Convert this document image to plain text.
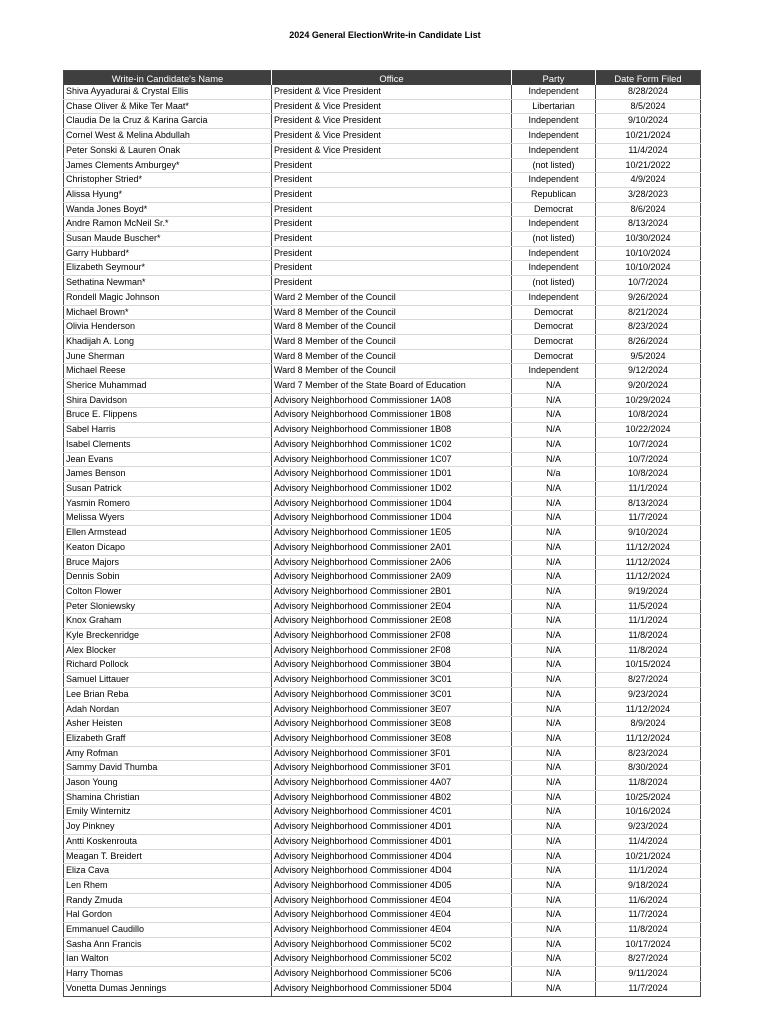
2024 General ElectionWrite-in Candidate List
Write-in Candidate's Name	Office	Party	Date Form Filed
Shiva Ayyadurai & Crystal Ellis	President & Vice President	Independent	8/28/2024
Chase Oliver & Mike Ter Maat*	President & Vice President	Libertarian	8/5/2024
Claudia De la Cruz & Karina Garcia	President & Vice President	Independent	9/10/2024
Cornel West & Melina Abdullah	President & Vice President	Independent	10/21/2024
Peter Sonski & Lauren Onak	President & Vice President	Independent	11/4/2024
James Clements Amburgey*	President	(not listed)	10/21/2022
Christopher Stried*	President	Independent	4/9/2024
Alissa Hyung*	President	Republican	3/28/2023
Wanda Jones Boyd*	President	Democrat	8/6/2024
Andre Ramon McNeil Sr.*	President	Independent	8/13/2024
Susan Maude Buscher*	President	(not listed)	10/30/2024
Garry Hubbard*	President	Independent	10/10/2024
Elizabeth Seymour*	President	Independent	10/10/2024
Sethatina Newman*	President	(not listed)	10/7/2024
Rondell Magic Johnson	Ward 2 Member of the Council	Independent	9/26/2024
Michael Brown*	Ward 8 Member of the Council	Democrat	8/21/2024
Olivia Henderson	Ward 8 Member of the Council	Democrat	8/23/2024
Khadijah A. Long	Ward 8 Member of the Council	Democrat	8/26/2024
June Sherman	Ward 8 Member of the Council	Democrat	9/5/2024
Michael Reese	Ward 8 Member of the Council	Independent	9/12/2024
Sherice Muhammad	Ward 7 Member of the State Board of Education	N/A	9/20/2024
Shira Davidson	Advisory Neighborhood Commissioner 1A08	N/A	10/29/2024
Bruce E. Flippens	Advisory Neighborhood Commissioner 1B08	N/A	10/8/2024
Sabel Harris	Advisory Neighborhood Commissioner 1B08	N/A	10/22/2024
Isabel Clements	Advisory Neighborhhod Commissioner 1C02	N/A	10/7/2024
Jean Evans	Advisory Neighborhood Commissioner 1C07	N/A	10/7/2024
James Benson	Advisory Neighborhood Commissioner 1D01	N/a	10/8/2024
Susan Patrick	Advisory Neighborhood Commissioner 1D02	N/A	11/1/2024
Yasmin Romero	Advisory Neighborhood Commissioner 1D04	N/A	8/13/2024
Melissa Wyers	Advisory Neighborhood Commissioner 1D04	N/A	11/7/2024
Ellen Armstead	Advisory Neighborhood Commissioner 1E05	N/A	9/10/2024
Keaton Dicapo	Advisory Neighborhood Commissioner 2A01	N/A	11/12/2024
Bruce Majors	Advisory Neighborhood Commissioner 2A06	N/A	11/12/2024
Dennis Sobin	Advisory Neighborhood Commissioner 2A09	N/A	11/12/2024
Colton Flower	Advisory Neighborhood Commissioner 2B01	N/A	9/19/2024
Peter Sloniewsky	Advisory Neighborhood Commissioner 2E04	N/A	11/5/2024
Knox Graham	Advisory Neighborhood Commissioner 2E08	N/A	11/1/2024
Kyle Breckenridge	Advisory Neighborhood Commissioner 2F08	N/A	11/8/2024
Alex Blocker	Advisory Neighborhood Commissioner 2F08	N/A	11/8/2024
Richard Pollock	Advisory Neighborhood Commissioner 3B04	N/A	10/15/2024
Samuel Littauer	Advisory Neighborhood Commissioner 3C01	N/A	8/27/2024
Lee Brian Reba	Advisory Neighborhood Commissioner 3C01	N/A	9/23/2024
Adah Nordan	Advisory Neighborhood Commissioner 3E07	N/A	11/12/2024
Asher Heisten	Advisory Neighborhood Commissioner 3E08	N/A	8/9/2024
Elizabeth Graff	Advisory Neighborhood Commissioner 3E08	N/A	11/12/2024
Amy Rofman	Advisory Neighborhood Commissioner 3F01	N/A	8/23/2024
Sammy David Thumba	Advisory Neighborhood Commissioner 3F01	N/A	8/30/2024
Jason Young	Advisory Neighborhood Commissioner 4A07	N/A	11/8/2024
Shamina Christian	Advisory Neighborhood Commissioner 4B02	N/A	10/25/2024
Emily Winternitz	Advisory Neighborhood Commissioner 4C01	N/A	10/16/2024
Joy Pinkney	Advisory Neighborhood Commissioner 4D01	N/A	9/23/2024
Antti Koskenrouta	Advisory Neighborhood Commissioner 4D01	N/A	11/4/2024
Meagan T. Breidert	Advisory Neighborhood Commissioner 4D04	N/A	10/21/2024
Eliza Cava	Advisory Neighborhood Commissioner 4D04	N/A	11/1/2024
Len Rhem	Advisory Neighborhood Commissioner 4D05	N/A	9/18/2024
Randy Zmuda	Advisory Neighborhood Commissioner 4E04	N/A	11/6/2024
Hal Gordon	Advisory Neighborhood Commissioner 4E04	N/A	11/7/2024
Emmanuel Caudillo	Advisory Neighborhood Commissioner 4E04	N/A	11/8/2024
Sasha Ann Francis	Advisory Neighborhood Commissioner 5C02	N/A	10/17/2024
Ian Walton	Advisory Neighborhood Commissioner 5C02	N/A	8/27/2024
Harry Thomas	Advisory Neighborhood Commissioner 5C06	N/A	9/11/2024
Vonetta Dumas Jennings	Advisory Neighborhood Commissioner 5D04	N/A	11/7/2024
